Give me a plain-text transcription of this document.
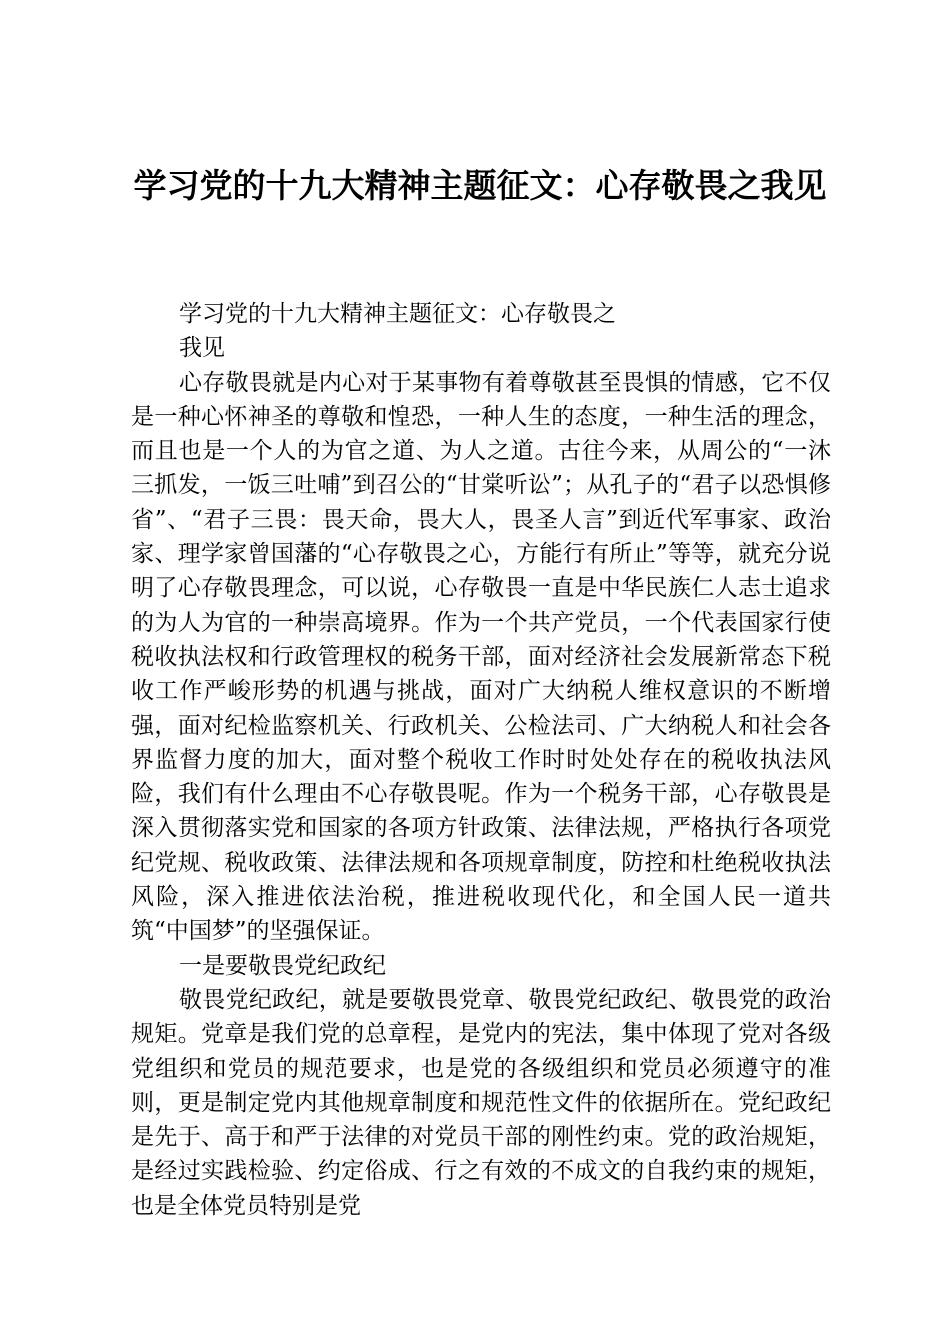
学习党的十九大精神主题征文：心存敬畏之我见

学习党的十九大精神主题征文：心存敬畏之我见

心存敬畏就是内心对于某事物有着尊敬甚至畏惧的情感，它不仅是一种心怀神圣的尊敬和惶恐，一种人生的态度，一种生活的理念，而且也是一个人的为官之道、为人之道。古往今来，从周公的“一沐三抓发，一饭三吐哺”到召公的“甘棠听讼”；从孔子的“君子以恐惧修省”、“君子三畏：畏天命，畏大人，畏圣人言”到近代军事家、政治家、理学家曾国藩的“心存敬畏之心，方能行有所止”等等，就充分说明了心存敬畏理念，可以说，心存敬畏一直是中华民族仁人志士追求的为人为官的一种崇高境界。作为一个共产党员，一个代表国家行使税收执法权和行政管理权的税务干部，面对经济社会发展新常态下税收工作严峻形势的机遇与挑战，面对广大纳税人维权意识的不断增强，面对纪检监察机关、行政机关、公检法司、广大纳税人和社会各界监督力度的加大，面对整个税收工作时时处处存在的税收执法风险，我们有什么理由不心存敬畏呢。作为一个税务干部，心存敬畏是深入贯彻落实党和国家的各项方针政策、法律法规，严格执行各项党纪党规、税收政策、法律法规和各项规章制度，防控和杜绝税收执法风险，深入推进依法治税，推进税收现代化，和全国人民一道共筑“中国梦”的坚强保证。

一是要敬畏党纪政纪

敬畏党纪政纪，就是要敬畏党章、敬畏党纪政纪、敬畏党的政治规矩。党章是我们党的总章程，是党内的宪法，集中体现了党对各级党组织和党员的规范要求，也是党的各级组织和党员必须遵守的准则，更是制定党内其他规章制度和规范性文件的依据所在。党纪政纪是先于、高于和严于法律的对党员干部的刚性约束。党的政治规矩，是经过实践检验、约定俗成、行之有效的不成文的自我约束的规矩，也是全体党员特别是党
